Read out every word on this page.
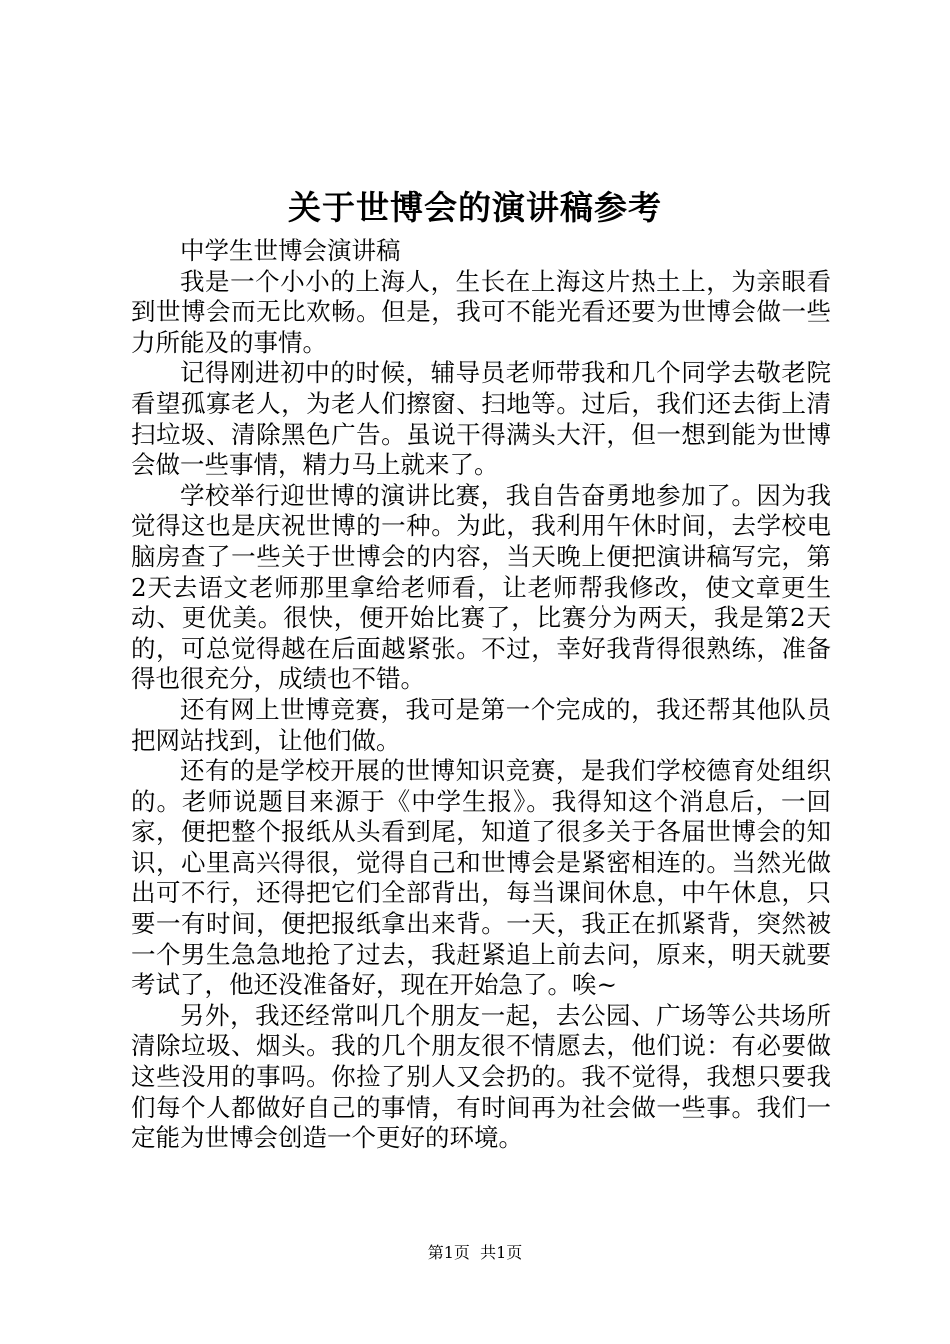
关于世博会的演讲稿参考

中学生世博会演讲稿

我是一个小小的上海人，生长在上海这片热土上，为亲眼看到世博会而无比欢畅。但是，我可不能光看还要为世博会做一些力所能及的事情。

记得刚进初中的时候，辅导员老师带我和几个同学去敬老院看望孤寡老人，为老人们擦窗、扫地等。过后，我们还去街上清扫垃圾、清除黑色广告。虽说干得满头大汗，但一想到能为世博会做一些事情，精力马上就来了。

学校举行迎世博的演讲比赛，我自告奋勇地参加了。因为我觉得这也是庆祝世博的一种。为此，我利用午休时间，去学校电脑房查了一些关于世博会的内容，当天晚上便把演讲稿写完，第2天去语文老师那里拿给老师看，让老师帮我修改，使文章更生动、更优美。很快，便开始比赛了，比赛分为两天，我是第2天的，可总觉得越在后面越紧张。不过，幸好我背得很熟练，准备得也很充分，成绩也不错。

还有网上世博竞赛，我可是第一个完成的，我还帮其他队员把网站找到，让他们做。

还有的是学校开展的世博知识竞赛，是我们学校德育处组织的。老师说题目来源于《中学生报》。我得知这个消息后，一回家，便把整个报纸从头看到尾，知道了很多关于各届世博会的知识，心里高兴得很，觉得自己和世博会是紧密相连的。当然光做出可不行，还得把它们全部背出，每当课间休息，中午休息，只要一有时间，便把报纸拿出来背。一天，我正在抓紧背，突然被一个男生急急地抢了过去，我赶紧追上前去问，原来，明天就要考试了，他还没准备好，现在开始急了。唉~

另外，我还经常叫几个朋友一起，去公园、广场等公共场所清除垃圾、烟头。我的几个朋友很不情愿去，他们说：有必要做这些没用的事吗。你捡了别人又会扔的。我不觉得，我想只要我们每个人都做好自己的事情，有时间再为社会做一些事。我们一定能为世博会创造一个更好的环境。

第1页  共1页
